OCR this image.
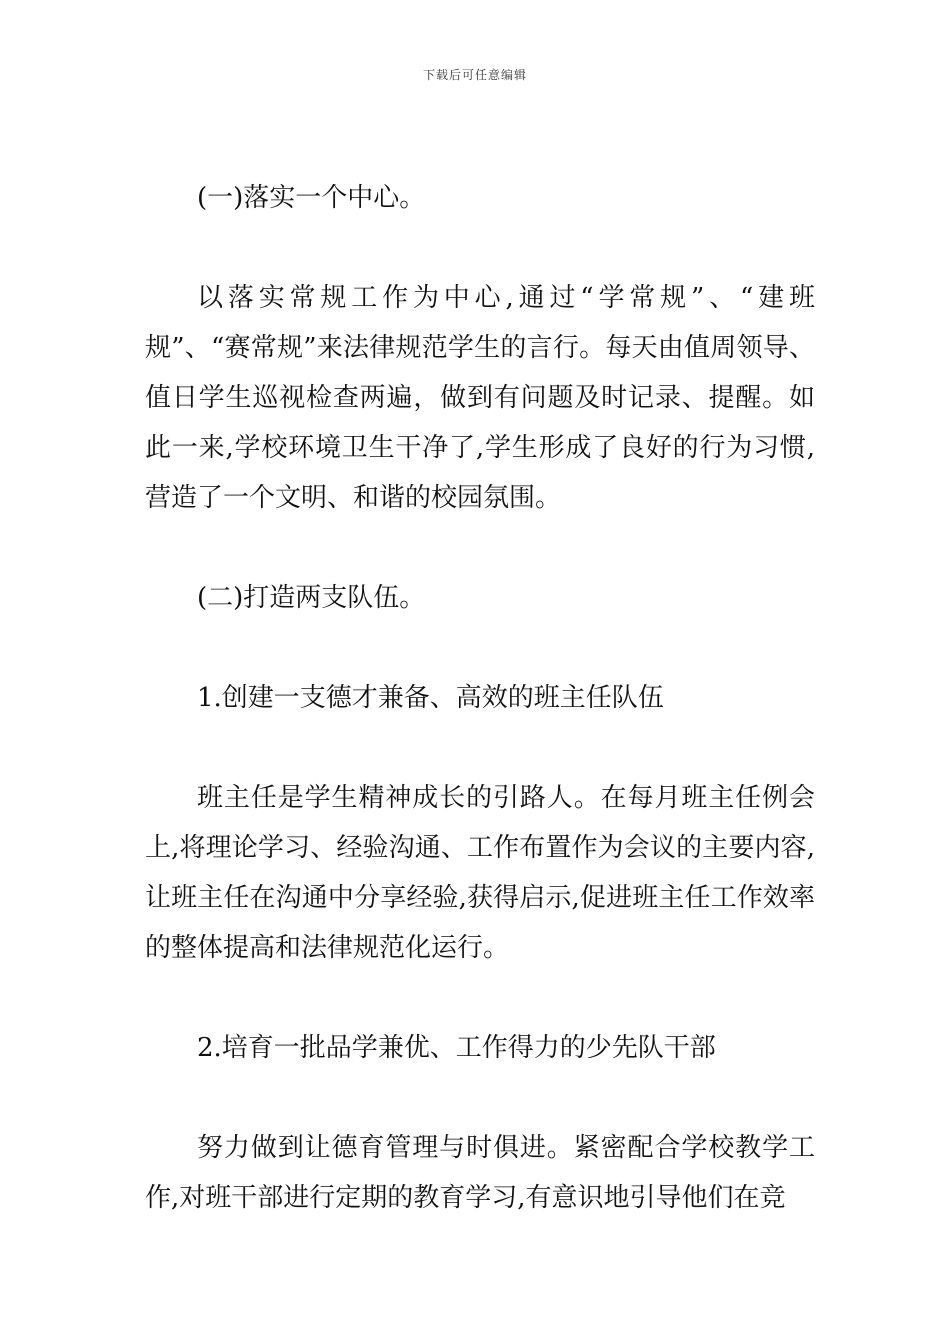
下载后可任意编辑

(一)落实一个中心。

以落实常规工作为中心,通过“学常规”、“建班规”、“赛常规”来法律规范学生的言行。每天由值周领导、值日学生巡视检查两遍，做到有问题及时记录、提醒。如此一来,学校环境卫生干净了,学生形成了良好的行为习惯,营造了一个文明、和谐的校园氛围。

(二)打造两支队伍。

1.创建一支德才兼备、高效的班主任队伍

班主任是学生精神成长的引路人。在每月班主任例会上,将理论学习、经验沟通、工作布置作为会议的主要内容,让班主任在沟通中分享经验,获得启示,促进班主任工作效率的整体提高和法律规范化运行。

2.培育一批品学兼优、工作得力的少先队干部

努力做到让德育管理与时俱进。紧密配合学校教学工作,对班干部进行定期的教育学习,有意识地引导他们在竞
